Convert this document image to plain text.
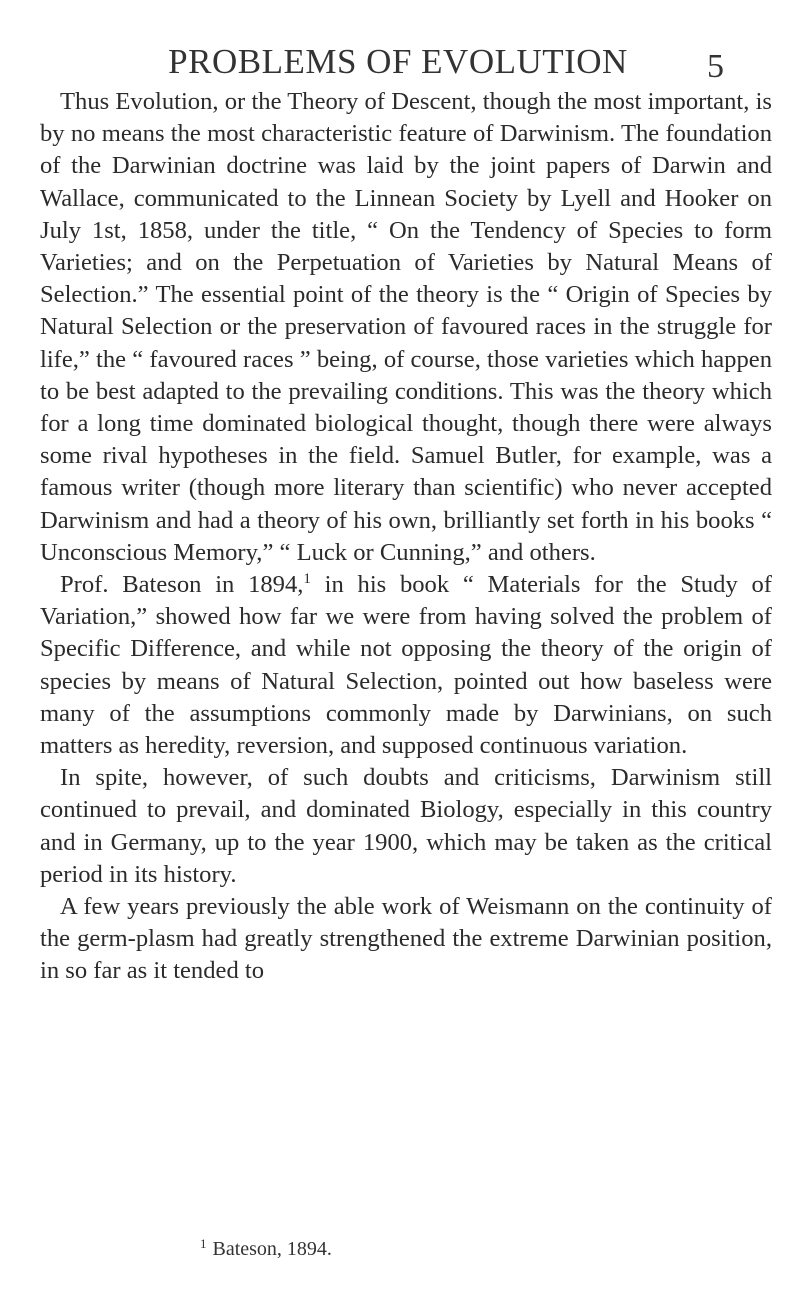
PROBLEMS OF EVOLUTION	5

Thus Evolution, or the Theory of Descent, though the most important, is by no means the most characteristic feature of Darwinism. The foundation of the Darwinian doctrine was laid by the joint papers of Darwin and Wallace, communicated to the Linnean Society by Lyell and Hooker on July 1st, 1858, under the title, “ On the Tendency of Species to form Varieties; and on the Perpetuation of Varieties by Natural Means of Selection.” The essential point of the theory is the “ Origin of Species by Natural Selection or the preservation of favoured races in the struggle for life,” the “ favoured races ” being, of course, those varieties which happen to be best adapted to the prevailing conditions. This was the theory which for a long time dominated biological thought, though there were always some rival hypotheses in the field. Samuel Butler, for example, was a famous writer (though more literary than scientific) who never accepted Darwinism and had a theory of his own, brilliantly set forth in his books “ Unconscious Memory,” “ Luck or Cunning,” and others.

Prof. Bateson in 1894,$^1$ in his book “ Materials for the Study of Variation,” showed how far we were from having solved the problem of Specific Difference, and while not opposing the theory of the origin of species by means of Natural Selection, pointed out how baseless were many of the assumptions commonly made by Darwinians, on such matters as heredity, reversion, and supposed continuous variation.

In spite, however, of such doubts and criticisms, Darwinism still continued to prevail, and dominated Biology, especially in this country and in Germany, up to the year 1900, which may be taken as the critical period in its history.

A few years previously the able work of Weismann on the continuity of the germ-plasm had greatly strengthened the extreme Darwinian position, in so far as it tended to

$^1$ Bateson, 1894.
